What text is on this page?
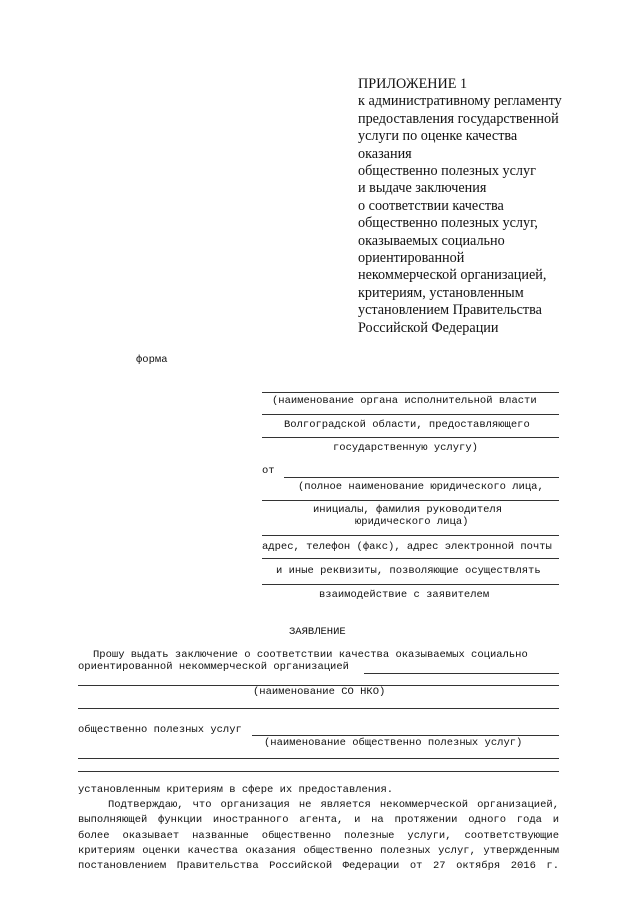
ПРИЛОЖЕНИЕ 1
к административному регламенту
предоставления государственной
услуги по оценке качества
оказания
общественно полезных услуг
и выдаче заключения
о соответствии качества
общественно полезных услуг,
оказываемых социально
ориентированной
некоммерческой организацией,
критериям, установленным
установлением Правительства
Российской Федерации
форма
(наименование органа исполнительной власти
Волгоградской области, предоставляющего
государственную услугу)
от
(полное наименование юридического лица,
инициалы, фамилия руководителя
юридического лица)
адрес, телефон (факс), адрес электронной почты
и иные реквизиты, позволяющие осуществлять
взаимодействие с заявителем
ЗАЯВЛЕНИЕ
Прошу выдать заключение о соответствии качества оказываемых социально
ориентированной некоммерческой организацией
(наименование СО НКО)
общественно полезных услуг
(наименование общественно полезных услуг)

установленным критериям в сфере их предоставления.

Подтверждаю, что организация не является некоммерческой организацией,

выполняющей функции иностранного агента, и на протяжении одного года и

более оказывает названные общественно полезные услуги, соответствующие

критериям оценки качества оказания общественно полезных услуг, утвержденным

постановлением Правительства Российской Федерации от 27 октября 2016 г.
